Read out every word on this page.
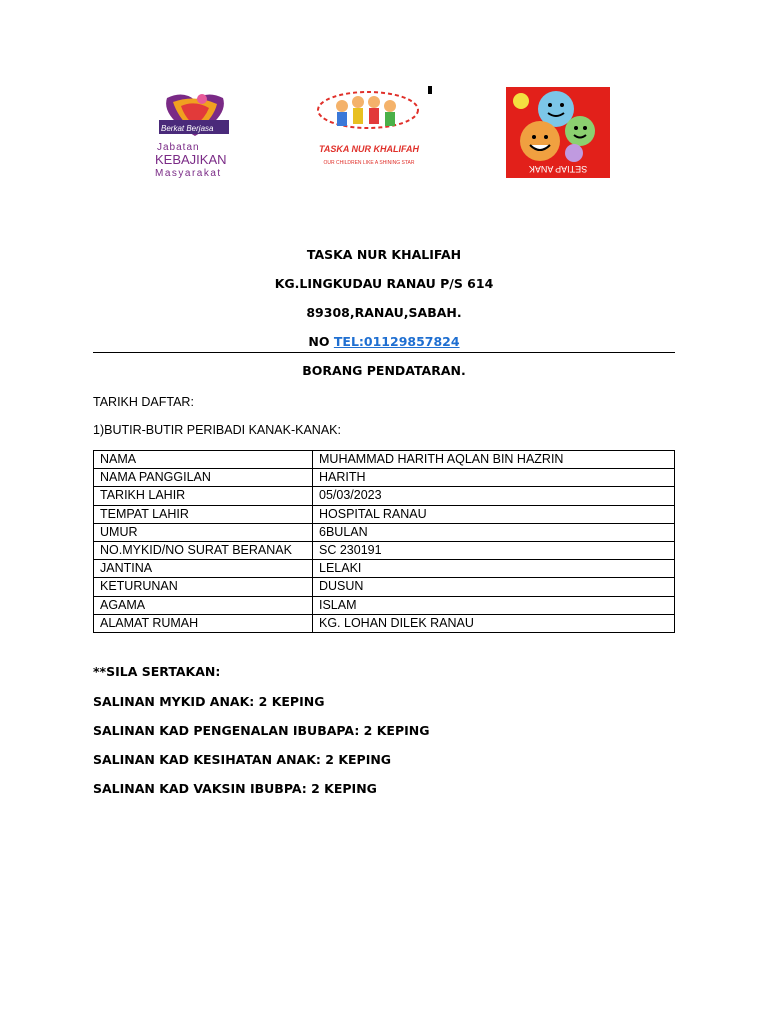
Berkat Berjasa
Jabatan
KEBAJIKAN
Masyarakat
TASKA NUR KHALIFAH
OUR CHILDREN LIKE A SHINING STAR
SETIAP ANAK
TASKA NUR KHALIFAH
KG.LINGKUDAU RANAU P/S 614
89308,RANAU,SABAH.
NO TEL:01129857824
BORANG PENDATARAN.
TARIKH DAFTAR:
1)BUTIR-BUTIR PERIBADI KANAK-KANAK:
NAMA	MUHAMMAD HARITH AQLAN BIN HAZRIN
NAMA PANGGILAN	HARITH
TARIKH LAHIR	05/03/2023
TEMPAT LAHIR	HOSPITAL RANAU
UMUR	6BULAN
NO.MYKID/NO SURAT BERANAK	SC 230191
JANTINA	LELAKI
KETURUNAN	DUSUN
AGAMA	ISLAM
ALAMAT RUMAH	KG. LOHAN DILEK RANAU
**SILA SERTAKAN:
SALINAN MYKID ANAK: 2 KEPING
SALINAN KAD PENGENALAN IBUBAPA: 2 KEPING
SALINAN KAD KESIHATAN ANAK: 2 KEPING
SALINAN KAD VAKSIN IBUBPA: 2 KEPING
